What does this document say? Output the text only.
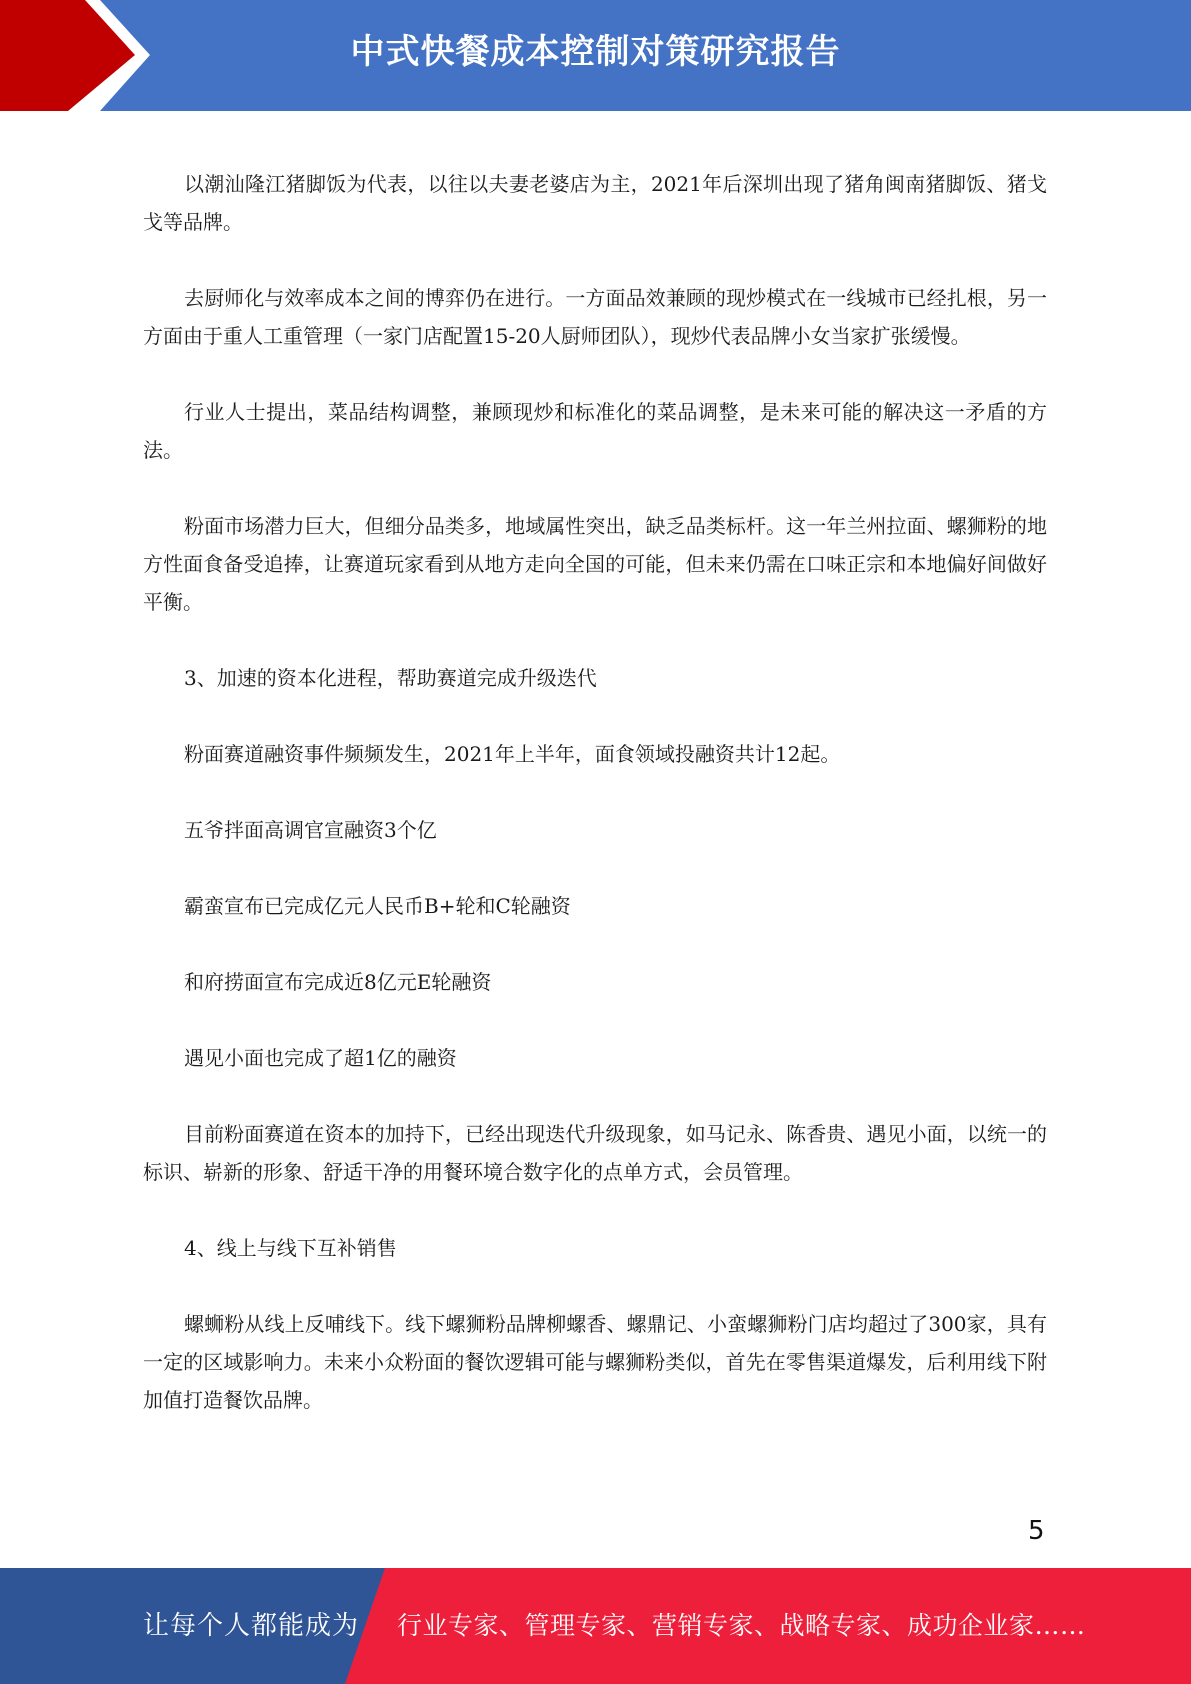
中式快餐成本控制对策研究报告

以潮汕隆江猪脚饭为代表，以往以夫妻老婆店为主，2021年后深圳出现了猪角闽南猪脚饭、猪戈戈等品牌。

去厨师化与效率成本之间的博弈仍在进行。一方面品效兼顾的现炒模式在一线城市已经扎根，另一方面由于重人工重管理（一家门店配置15-20人厨师团队），现炒代表品牌小女当家扩张缓慢。

行业人士提出，菜品结构调整，兼顾现炒和标准化的菜品调整，是未来可能的解决这一矛盾的方法。

粉面市场潜力巨大，但细分品类多，地域属性突出，缺乏品类标杆。这一年兰州拉面、螺狮粉的地方性面食备受追捧，让赛道玩家看到从地方走向全国的可能，但未来仍需在口味正宗和本地偏好间做好平衡。

3、加速的资本化进程，帮助赛道完成升级迭代

粉面赛道融资事件频频发生，2021年上半年，面食领域投融资共计12起。

五爷拌面高调官宣融资3个亿

霸蛮宣布已完成亿元人民币B+轮和C轮融资

和府捞面宣布完成近8亿元E轮融资

遇见小面也完成了超1亿的融资

目前粉面赛道在资本的加持下，已经出现迭代升级现象，如马记永、陈香贵、遇见小面，以统一的标识、崭新的形象、舒适干净的用餐环境合数字化的点单方式，会员管理。

4、线上与线下互补销售

螺蛳粉从线上反哺线下。线下螺狮粉品牌柳螺香、螺鼎记、小蛮螺狮粉门店均超过了300家，具有一定的区域影响力。未来小众粉面的餐饮逻辑可能与螺狮粉类似，首先在零售渠道爆发，后利用线下附加值打造餐饮品牌。

5
让每个人都能成为 行业专家、管理专家、营销专家、战略专家、成功企业家……
